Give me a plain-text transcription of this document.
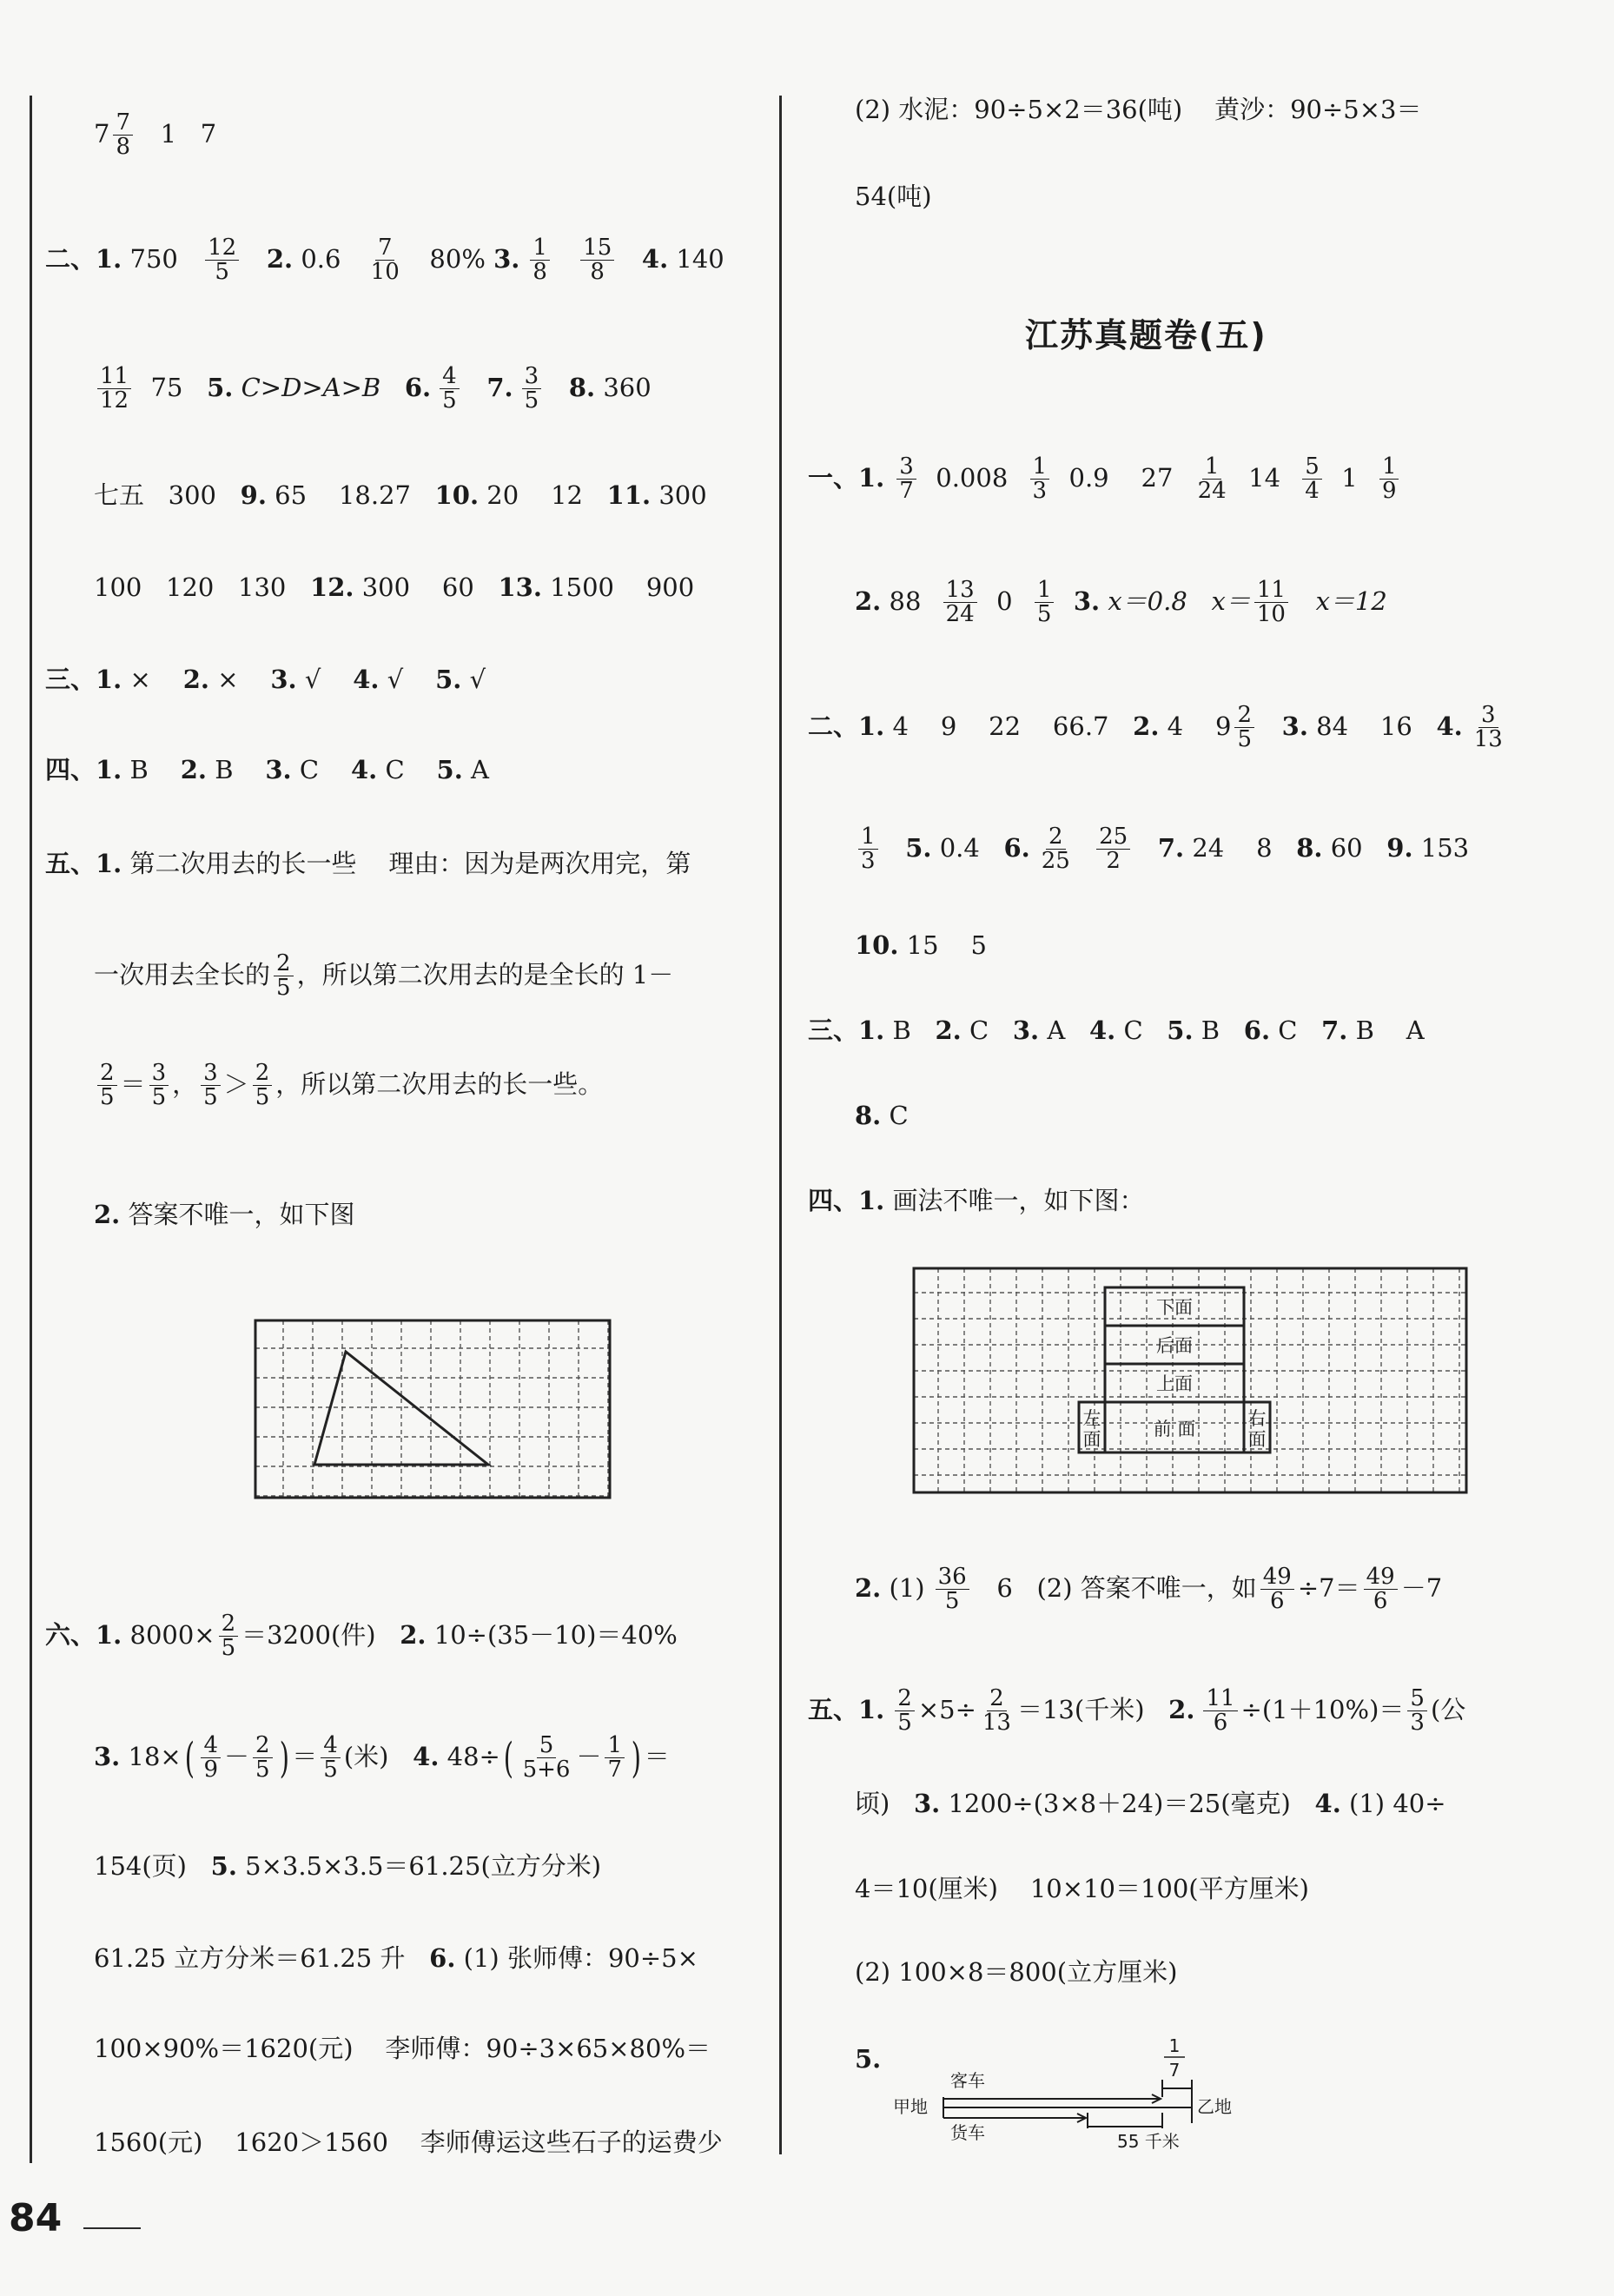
$7 \frac{7}{8} 1$   7
二、1. $750 \frac{12}{5} 2$. $0.6 \frac{7}{10} 80\%$ 3. $\frac{1}{8}$
$\frac{15}{8} 4$. 140
$\frac{11}{12} 75$ 5. C>D>A>B 6. $\frac{4}{5} 7$. $\frac{3}{5} 8$. 360
七五   300 9. 65    18.27 10. 20    12 11. 300
100   120   130 12. 300    60 13. 1500    900
三、1. × 2. × 3. √ 4. √ 5. √
四、1. B 2. B 3. C 4. C 5. A
五、1. 第二次用去的长一些    理由：因为是两次用完，第
一次用去全长的 $\frac{2}{5}$ ，所以第二次用去的是全长的 1－
$\frac{2}{5} = \frac{3}{5}$ ， $\frac{3}{5} > \frac{2}{5}$ ，所以第二次用去的长一些。
2. 答案不唯一，如下图
六、1. $8000\times \frac{2}{5} =3200$(件) 2. 10÷(35－10)＝40%
3. $18\times( \frac{4}{9} - \frac{2}{5}$ ) ＝ $\frac{4}{5}$ (米) 4. $48\div( \frac{5}{5+6} - \frac{1}{7}$ ) ＝
154(页) 5. 5×3.5×3.5＝61.25(立方分米)
61.25 立方分米＝61.25 升 6. (1) 张师傅：90÷5×
100×90%＝1620(元)    李师傅：90÷3×65×80%＝
1560(元)    1620＞1560    李师傅运这些石子的运费少
84
(2) 水泥：90÷5×2＝36(吨)    黄沙：90÷5×3＝
54(吨)
江苏真题卷(五)
一、1. $\frac{3}{7} 0.008 \frac{1}{3} 0.9$    $27 \frac{1}{24} 14 \frac{5}{4} 1 \frac{1}{9}$
2. $88 \frac{13}{24} 0 \frac{1}{5} 3$. x＝0.8 $x= \frac{11}{10} x=12$
二、1. 4    9    22    66.7 2. 4    $9 \frac{2}{5} 3$. 84    16 4. $\frac{3}{13}$
$\frac{1}{3} 5$. 0.4 6. $\frac{2}{25}$
$\frac{25}{2} 7$. 24    8 8. 60 9. 153
10. 15    5
三、1. B 2. C 3. A 4. C 5. B 6. C 7. B    A
8. C
四、1. 画法不唯一，如下图：
下面
后面
上面
前 面
左
面
右
面
2. $(1) \frac{36}{5} 6$ (2) 答案不唯一，如 $\frac{49}{6} \div 7= \frac{49}{6} -7$
五、1. $\frac{2}{5} \times 5\div \frac{2}{13} =13$(千米) 2. $\frac{11}{6} \div(1+10\%)= \frac{5}{3}$ (公
顷) 3. 1200÷(3×8＋24)＝25(毫克) 4. (1) 40÷
4＝10(厘米)    10×10＝100(平方厘米)
(2) 100×8＝800(立方厘米)
5.	1
7
甲地	乙地
客车
货车	55 千米
